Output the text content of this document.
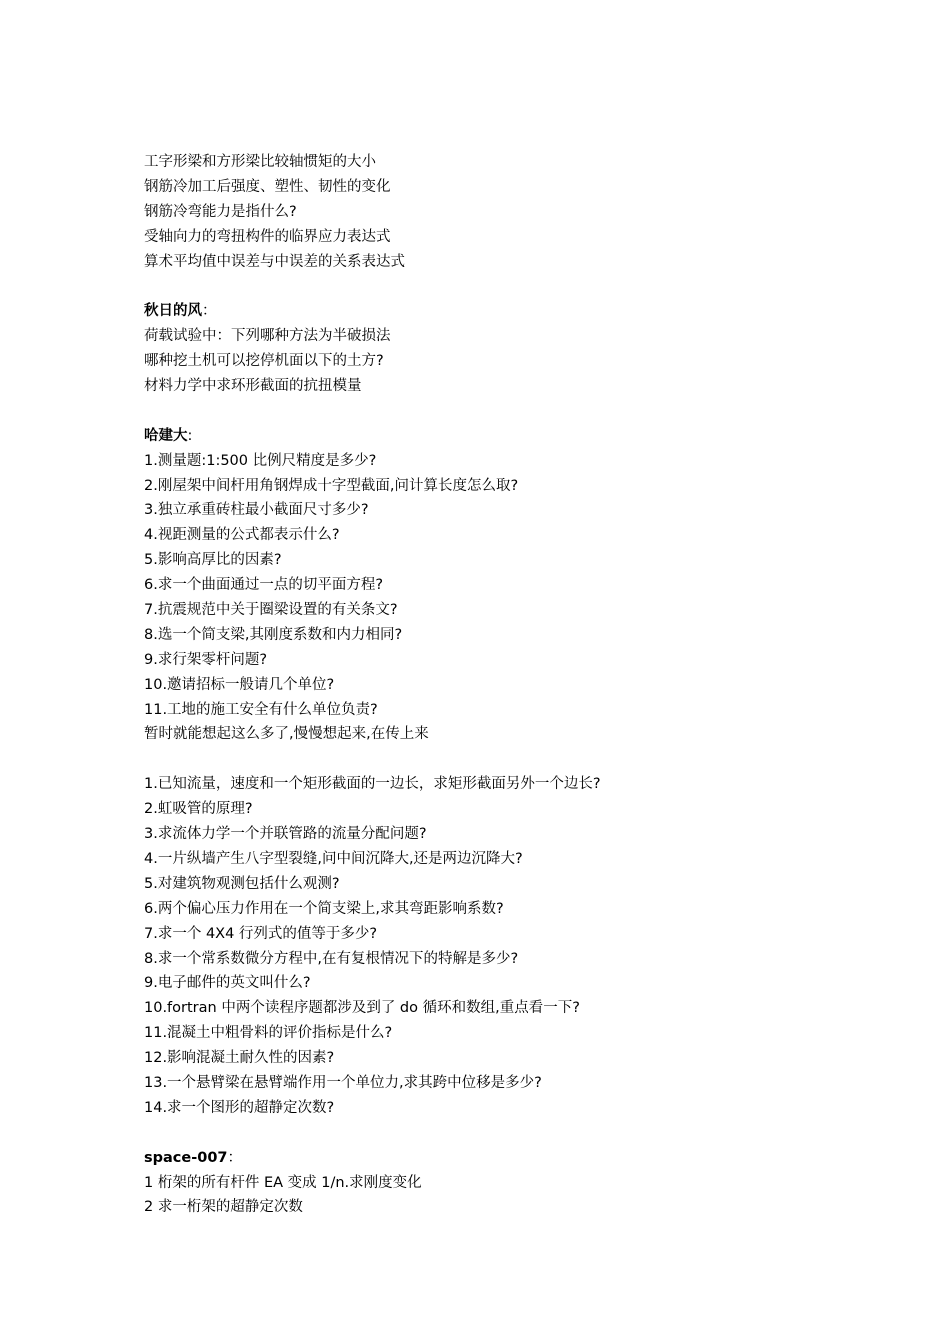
工字形梁和方形梁比较轴惯矩的大小
钢筋冷加工后强度、塑性、韧性的变化
钢筋冷弯能力是指什么?
受轴向力的弯扭构件的临界应力表达式
算术平均值中误差与中误差的关系表达式
秋日的风：
荷载试验中：下列哪种方法为半破损法
哪种挖土机可以挖停机面以下的土方?
材料力学中求环形截面的抗扭模量
哈建大:
1.测量题:1:500 比例尺精度是多少?
2.刚屋架中间杆用角钢焊成十字型截面,问计算长度怎么取?
3.独立承重砖柱最小截面尺寸多少?
4.视距测量的公式都表示什么?
5.影响高厚比的因素?
6.求一个曲面通过一点的切平面方程?
7.抗震规范中关于圈梁设置的有关条文?
8.选一个简支梁,其刚度系数和内力相同?
9.求行架零杆问题?
10.邀请招标一般请几个单位?
11.工地的施工安全有什么单位负责?
暂时就能想起这么多了,慢慢想起来,在传上来
1.已知流量，速度和一个矩形截面的一边长，求矩形截面另外一个边长?
2.虹吸管的原理?
3.求流体力学一个并联管路的流量分配问题?
4.一片纵墙产生八字型裂缝,问中间沉降大,还是两边沉降大?
5.对建筑物观测包括什么观测?
6.两个偏心压力作用在一个简支梁上,求其弯距影响系数?
7.求一个 4X4 行列式的值等于多少?
8.求一个常系数微分方程中,在有复根情况下的特解是多少?
9.电子邮件的英文叫什么?
10.fortran 中两个读程序题都涉及到了 do 循环和数组,重点看一下?
11.混凝土中粗骨料的评价指标是什么?
12.影响混凝土耐久性的因素?
13.一个悬臂梁在悬臂端作用一个单位力,求其跨中位移是多少?
14.求一个图形的超静定次数?
space-007：
1 桁架的所有杆件 EA 变成 1/n.求刚度变化
2 求一桁架的超静定次数
